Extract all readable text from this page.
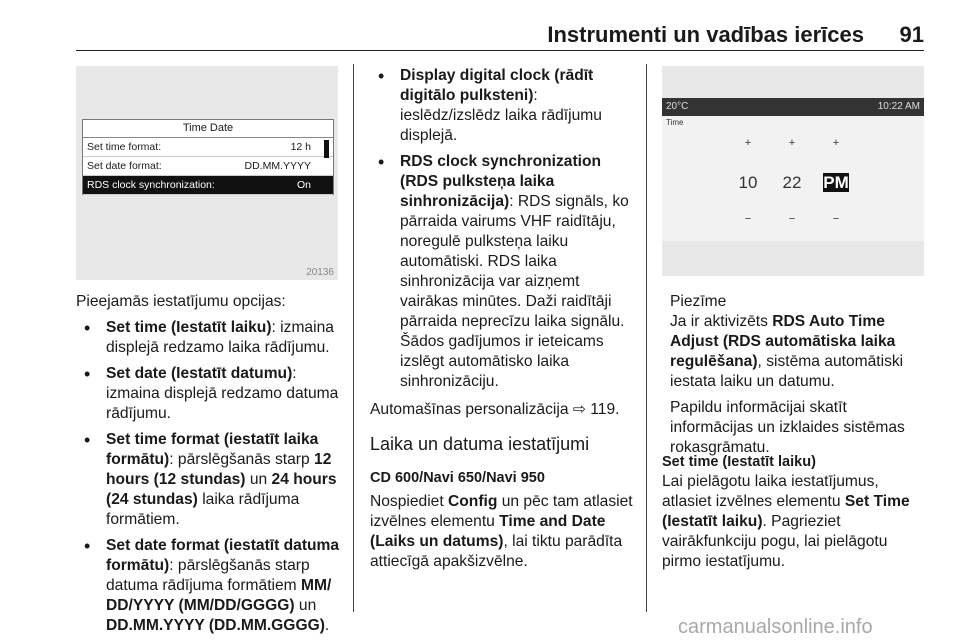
Instrumenti un vadības ierīces 91
Time Date
Set time format:	12 h
Set date format:	DD.MM.YYYY
RDS clock synchronization:	On
20136

Pieejamās iestatījumu opcijas:

• Set time (Iestatīt laiku): izmaina displejā redzamo laika rādījumu.
• Set date (Iestatīt datumu): izmaina displejā redzamo datuma rādījumu.
• Set time format (iestatīt laika formātu): pārslēgšanās starp 12 hours (12 stundas) un 24 hours (24 stundas) laika rādījuma formātiem.
• Set date format (iestatīt datuma formātu): pārslēgšanās starp datuma rādījuma formātiem MM/ DD/YYYY (MM/DD/GGGG) un DD.MM.YYYY (DD.MM.GGGG).
• Display digital clock (rādīt digitālo pulksteni): ieslēdz/izslēdz laika rādījumu displejā.
• RDS clock synchronization (RDS pulksteņa laika sinhronizācija): RDS signāls, ko pārraida vairums VHF raidītāju, noregulē pulksteņa laiku automātiski. RDS laika sinhronizācija var aizņemt vairākas minūtes. Daži raidītāji pārraida neprecīzu laika signālu. Šādos gadījumos ir ieteicams izslēgt automātisko laika sinhronizāciju.

Automašīnas personalizācija ⇨ 119.

Laika un datuma iestatījumi
CD 600/Navi 650/Navi 950

Nospiediet Config un pēc tam atlasiet izvēlnes elementu Time and Date (Laiks un datums), lai tiktu parādīta attiecīgā apakšizvēlne.

20°C	10:22 AM
Time
+	+	+
10	22	PM
−	−	−

Piezīme

Ja ir aktivizēts RDS Auto Time Adjust (RDS automātiska laika regulēšana), sistēma automātiski iestata laiku un datumu.

Papildu informācijai skatīt informācijas un izklaides sistēmas rokasgrāmatu.

Set time (Iestatīt laiku)

Lai pielāgotu laika iestatījumus, atlasiet izvēlnes elementu Set Time (Iestatīt laiku). Pagrieziet vairākfunkciju pogu, lai pielāgotu pirmo iestatījumu.

carmanualsonline.info
